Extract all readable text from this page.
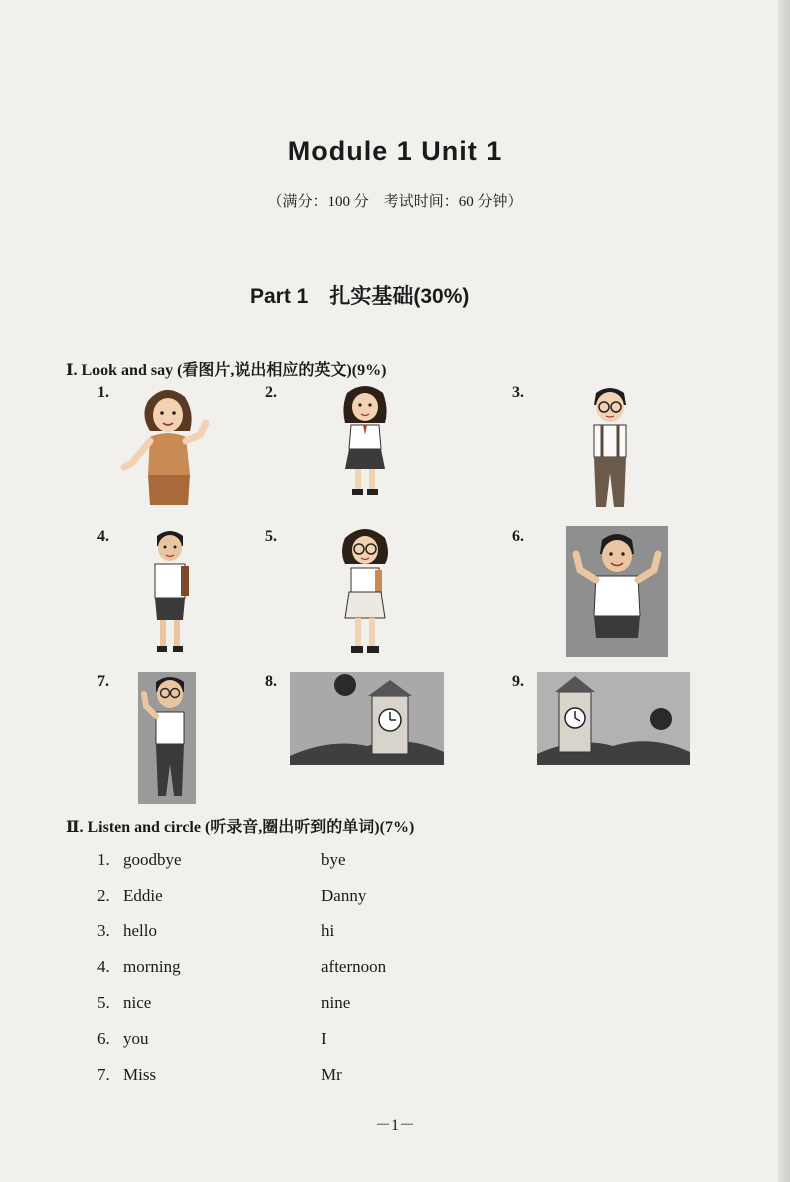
Module 1 Unit 1
（满分：100 分　考试时间：60 分钟）
Part 1　扎实基础(30%)
Ⅰ. Look and say (看图片,说出相应的英文)(9%)
1.	2.	3.
4.	5.	6.
7.	8.	9.
Ⅱ. Listen and circle (听录音,圈出听到的单词)(7%)
1. goodbye	bye
2. Eddie	Danny
3. hello	hi
4. morning	afternoon
5. nice	nine
6. you	I
7. Miss	Mr
－1－
